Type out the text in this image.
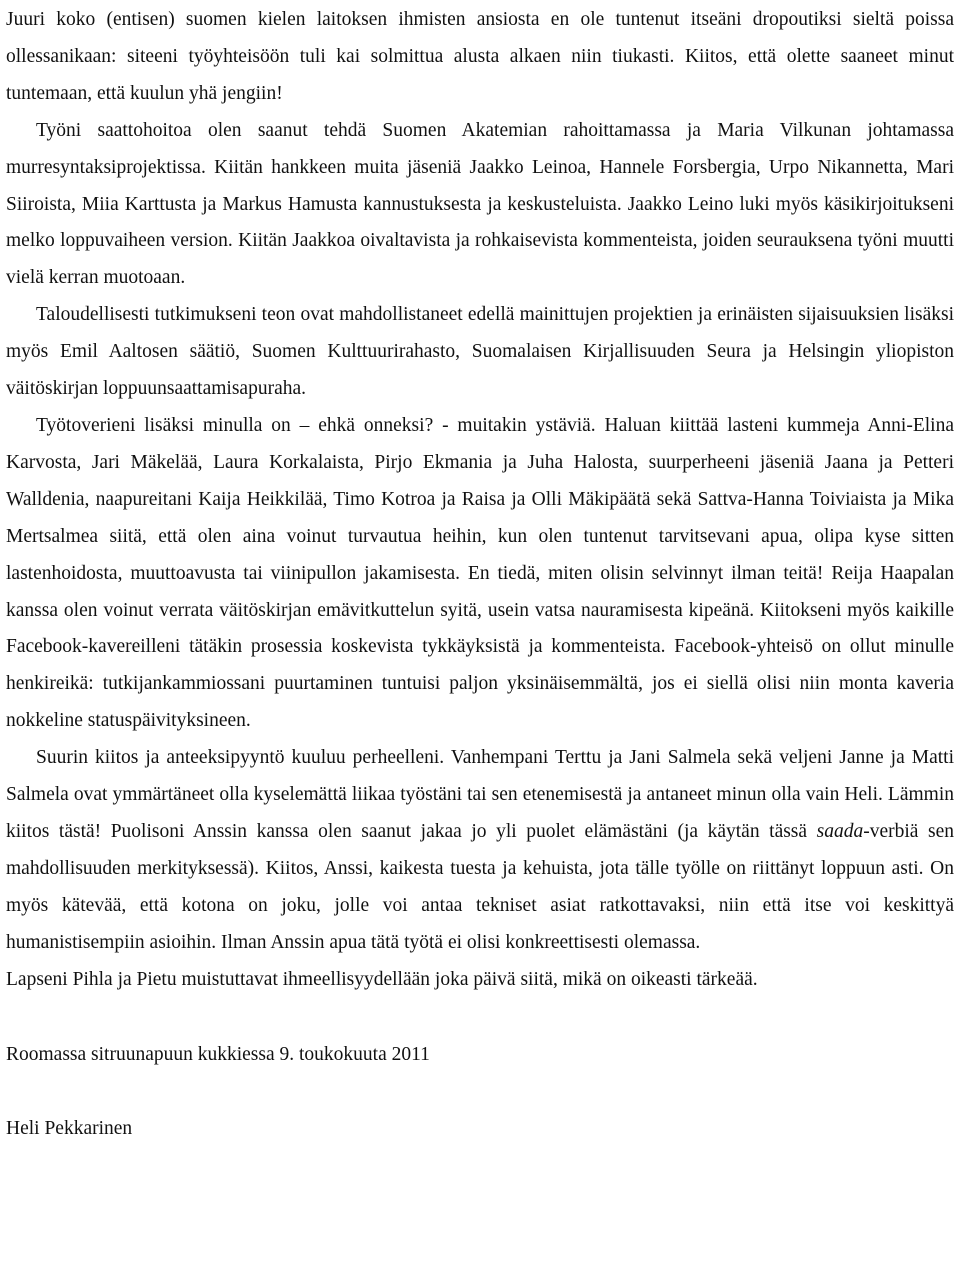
Juuri koko (entisen) suomen kielen laitoksen ihmisten ansiosta en ole tuntenut itseäni dropoutiksi sieltä poissa ollessanikaan: siteeni työyhteisöön tuli kai solmittua alusta alkaen niin tiukasti. Kiitos, että olette saaneet minut tuntemaan, että kuulun yhä jengiin!

Työni saattohoitoa olen saanut tehdä Suomen Akatemian rahoittamassa ja Maria Vilkunan johtamassa murresyntaksiprojektissa. Kiitän hankkeen muita jäseniä Jaakko Leinoa, Hannele Forsbergia, Urpo Nikannetta, Mari Siiroista, Miia Karttusta ja Markus Hamusta kannustuksesta ja keskusteluista. Jaakko Leino luki myös käsikirjoitukseni melko loppuvaiheen version. Kiitän Jaakkoa oivaltavista ja rohkaisevista kommenteista, joiden seurauksena työni muutti vielä kerran muotoaan.

Taloudellisesti tutkimukseni teon ovat mahdollistaneet edellä mainittujen projektien ja erinäisten sijaisuuksien lisäksi myös Emil Aaltosen säätiö, Suomen Kulttuurirahasto, Suomalaisen Kirjallisuuden Seura ja Helsingin yliopiston väitöskirjan loppuunsaattamisapuraha.

Työtoverieni lisäksi minulla on – ehkä onneksi? - muitakin ystäviä. Haluan kiittää lasteni kummeja Anni-Elina Karvosta, Jari Mäkelää, Laura Korkalaista, Pirjo Ekmania ja Juha Halosta, suurperheeni jäseniä Jaana ja Petteri Walldenia, naapureitani Kaija Heikkilää, Timo Kotroa ja Raisa ja Olli Mäkipäätä sekä Sattva-Hanna Toiviaista ja Mika Mertsalmea siitä, että olen aina voinut turvautua heihin, kun olen tuntenut tarvitsevani apua, olipa kyse sitten lastenhoidosta, muuttoavusta tai viinipullon jakamisesta. En tiedä, miten olisin selvinnyt ilman teitä! Reija Haapalan kanssa olen voinut verrata väitöskirjan emävitkuttelun syitä, usein vatsa nauramisesta kipeänä. Kiitokseni myös kaikille Facebook-kavereilleni tätäkin prosessia koskevista tykkäyksistä ja kommenteista. Facebook-yhteisö on ollut minulle henkireikä: tutkijankammiossani puurtaminen tuntuisi paljon yksinäisemmältä, jos ei siellä olisi niin monta kaveria nokkeline statuspäivityksineen.

Suurin kiitos ja anteeksipyyntö kuuluu perheelleni. Vanhempani Terttu ja Jani Salmela sekä veljeni Janne ja Matti Salmela ovat ymmärtäneet olla kyselemättä liikaa työstäni tai sen etenemisestä ja antaneet minun olla vain Heli. Lämmin kiitos tästä! Puolisoni Anssin kanssa olen saanut jakaa jo yli puolet elämästäni (ja käytän tässä saada-verbiä sen mahdollisuuden merkityksessä). Kiitos, Anssi, kaikesta tuesta ja kehuista, jota tälle työlle on riittänyt loppuun asti. On myös kätevää, että kotona on joku, jolle voi antaa tekniset asiat ratkottavaksi, niin että itse voi keskittyä humanistisempiin asioihin. Ilman Anssin apua tätä työtä ei olisi konkreettisesti olemassa.

Lapseni Pihla ja Pietu muistuttavat ihmeellisyydellään joka päivä siitä, mikä on oikeasti tärkeää.

Roomassa sitruunapuun kukkiessa 9. toukokuuta 2011

Heli Pekkarinen
